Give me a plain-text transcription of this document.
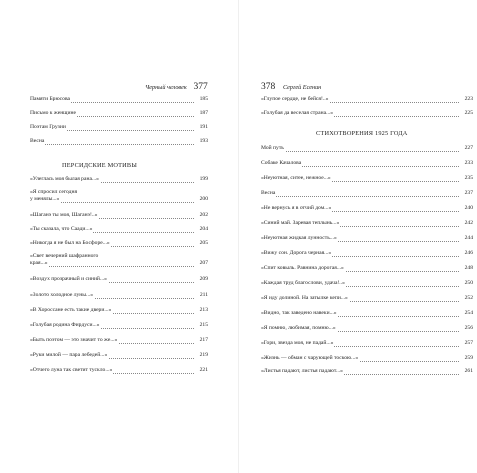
Черный человек 377
Памяти Брюсова	185
Письмо к женщине	187
Поэтам Грузии	191
Весна	193
ПЕРСИДСКИЕ МОТИВЫ
«Улеглась моя былая рана...»	199
«Я спросил сегодня
у менялы...»	200
«Шаганэ ты моя, Шаганэ!..»	202
«Ты сказала, что Саади...»	204
«Никогда я не был на Босфоре...»	205
«Свет вечерний шафранного
края...»	207
«Воздух прозрачный и синий...»	209
«Золото холодное луны...»	211
«В Хороссане есть такие двери...»	213
«Голубая родина Фирдуси...»	215
«Быть поэтом — это значит то же...»	217
«Руки милой — пара лебедей...»	219
«Отчего луна так светит тускло...»	221
378 Сергей Есенин
«Глупое сердце, не бейся!..»	223
«Голубая да веселая страна...»	225
СТИХОТВОРЕНИЯ 1925 ГОДА
Мой путь	227
Собаке Качалова	233
«Неуютная, ситее, нежное...»	235
Весна	237
«Не вернусь я в отчий дом...»	240
«Синий май. Заревая теплынь...»	242
«Неуютная жидкая лунность...»	244
«Вижу сон. Дорога черная...»	246
«Спит ковыль. Равнина дорогая...»	248
«Каждая труд благослови, удача!..»	250
«Я иду долиной. На затылке кепи...»	252
«Видно, так заведено навеки...»	254
«Я помню, любимая, помню...»	256
«Гори, звезда моя, не падай...»	257
«Жизнь — обман с чарующей тоскою...»	259
«Листья падают, листья падают...»	261
